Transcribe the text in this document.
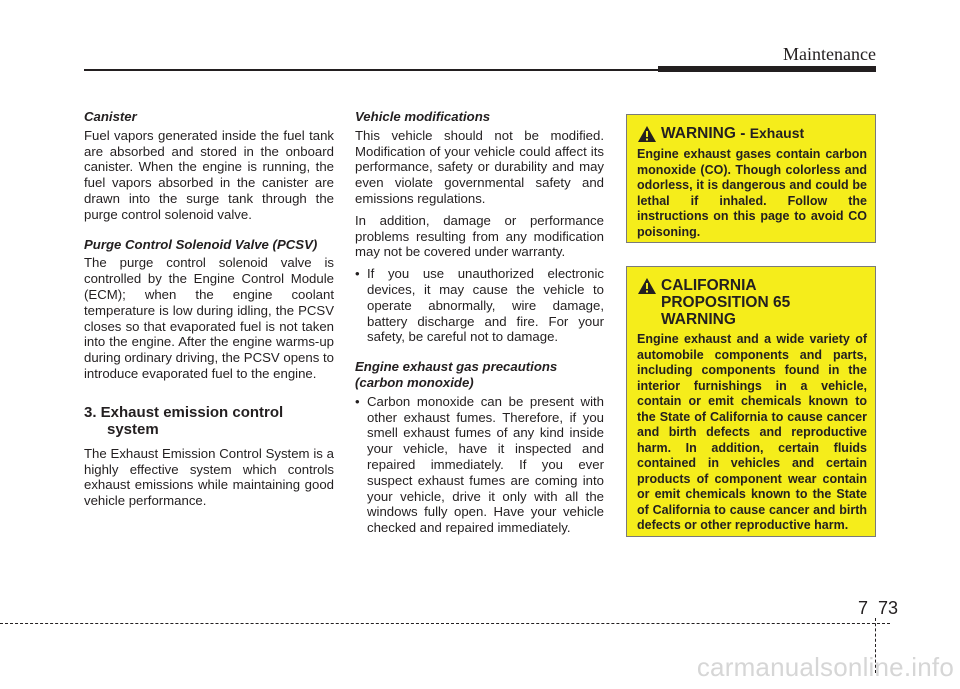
Maintenance
Canister

Fuel vapors generated inside the fuel tank are absorbed and stored in the onboard canister. When the engine is running, the fuel vapors absorbed in the canister are drawn into the surge tank through the purge control solenoid valve.

Purge Control Solenoid Valve (PCSV)

The purge control solenoid valve is controlled by the Engine Control Module (ECM); when the engine coolant temperature is low during idling, the PCSV closes so that evaporated fuel is not taken into the engine. After the engine warms-up during ordinary driving, the PCSV opens to introduce evaporated fuel to the engine.

3. Exhaust emission control system

The Exhaust Emission Control System is a highly effective system which controls exhaust emissions while maintaining good vehicle performance.

Vehicle modifications

This vehicle should not be modified. Modification of your vehicle could affect its performance, safety or durability and may even violate governmental safety and emissions regulations.

In addition, damage or performance problems resulting from any modification may not be covered under warranty.

• If you use unauthorized electronic devices, it may cause the vehicle to operate abnormally, wire damage, battery discharge and fire. For your safety, be careful not to damage.
Engine exhaust gas precautions (carbon monoxide)
• Carbon monoxide can be present with other exhaust fumes. Therefore, if you smell exhaust fumes of any kind inside your vehicle, have it inspected and repaired immediately. If you ever suspect exhaust fumes are coming into your vehicle, drive it only with all the windows fully open. Have your vehicle checked and repaired immediately.
WARNING - Exhaust
Engine exhaust gases contain carbon monoxide (CO). Though colorless and odorless, it is dangerous and could be lethal if inhaled. Follow the instructions on this page to avoid CO poisoning.
CALIFORNIA PROPOSITION 65 WARNING
Engine exhaust and a wide variety of automobile components and parts, including components found in the interior furnishings in a vehicle, contain or emit chemicals known to the State of California to cause cancer and birth defects and reproductive harm. In addition, certain fluids contained in vehicles and certain products of component wear contain or emit chemicals known to the State of California to cause cancer and birth defects or other reproductive harm.
7 73
carmanualsonline.info
